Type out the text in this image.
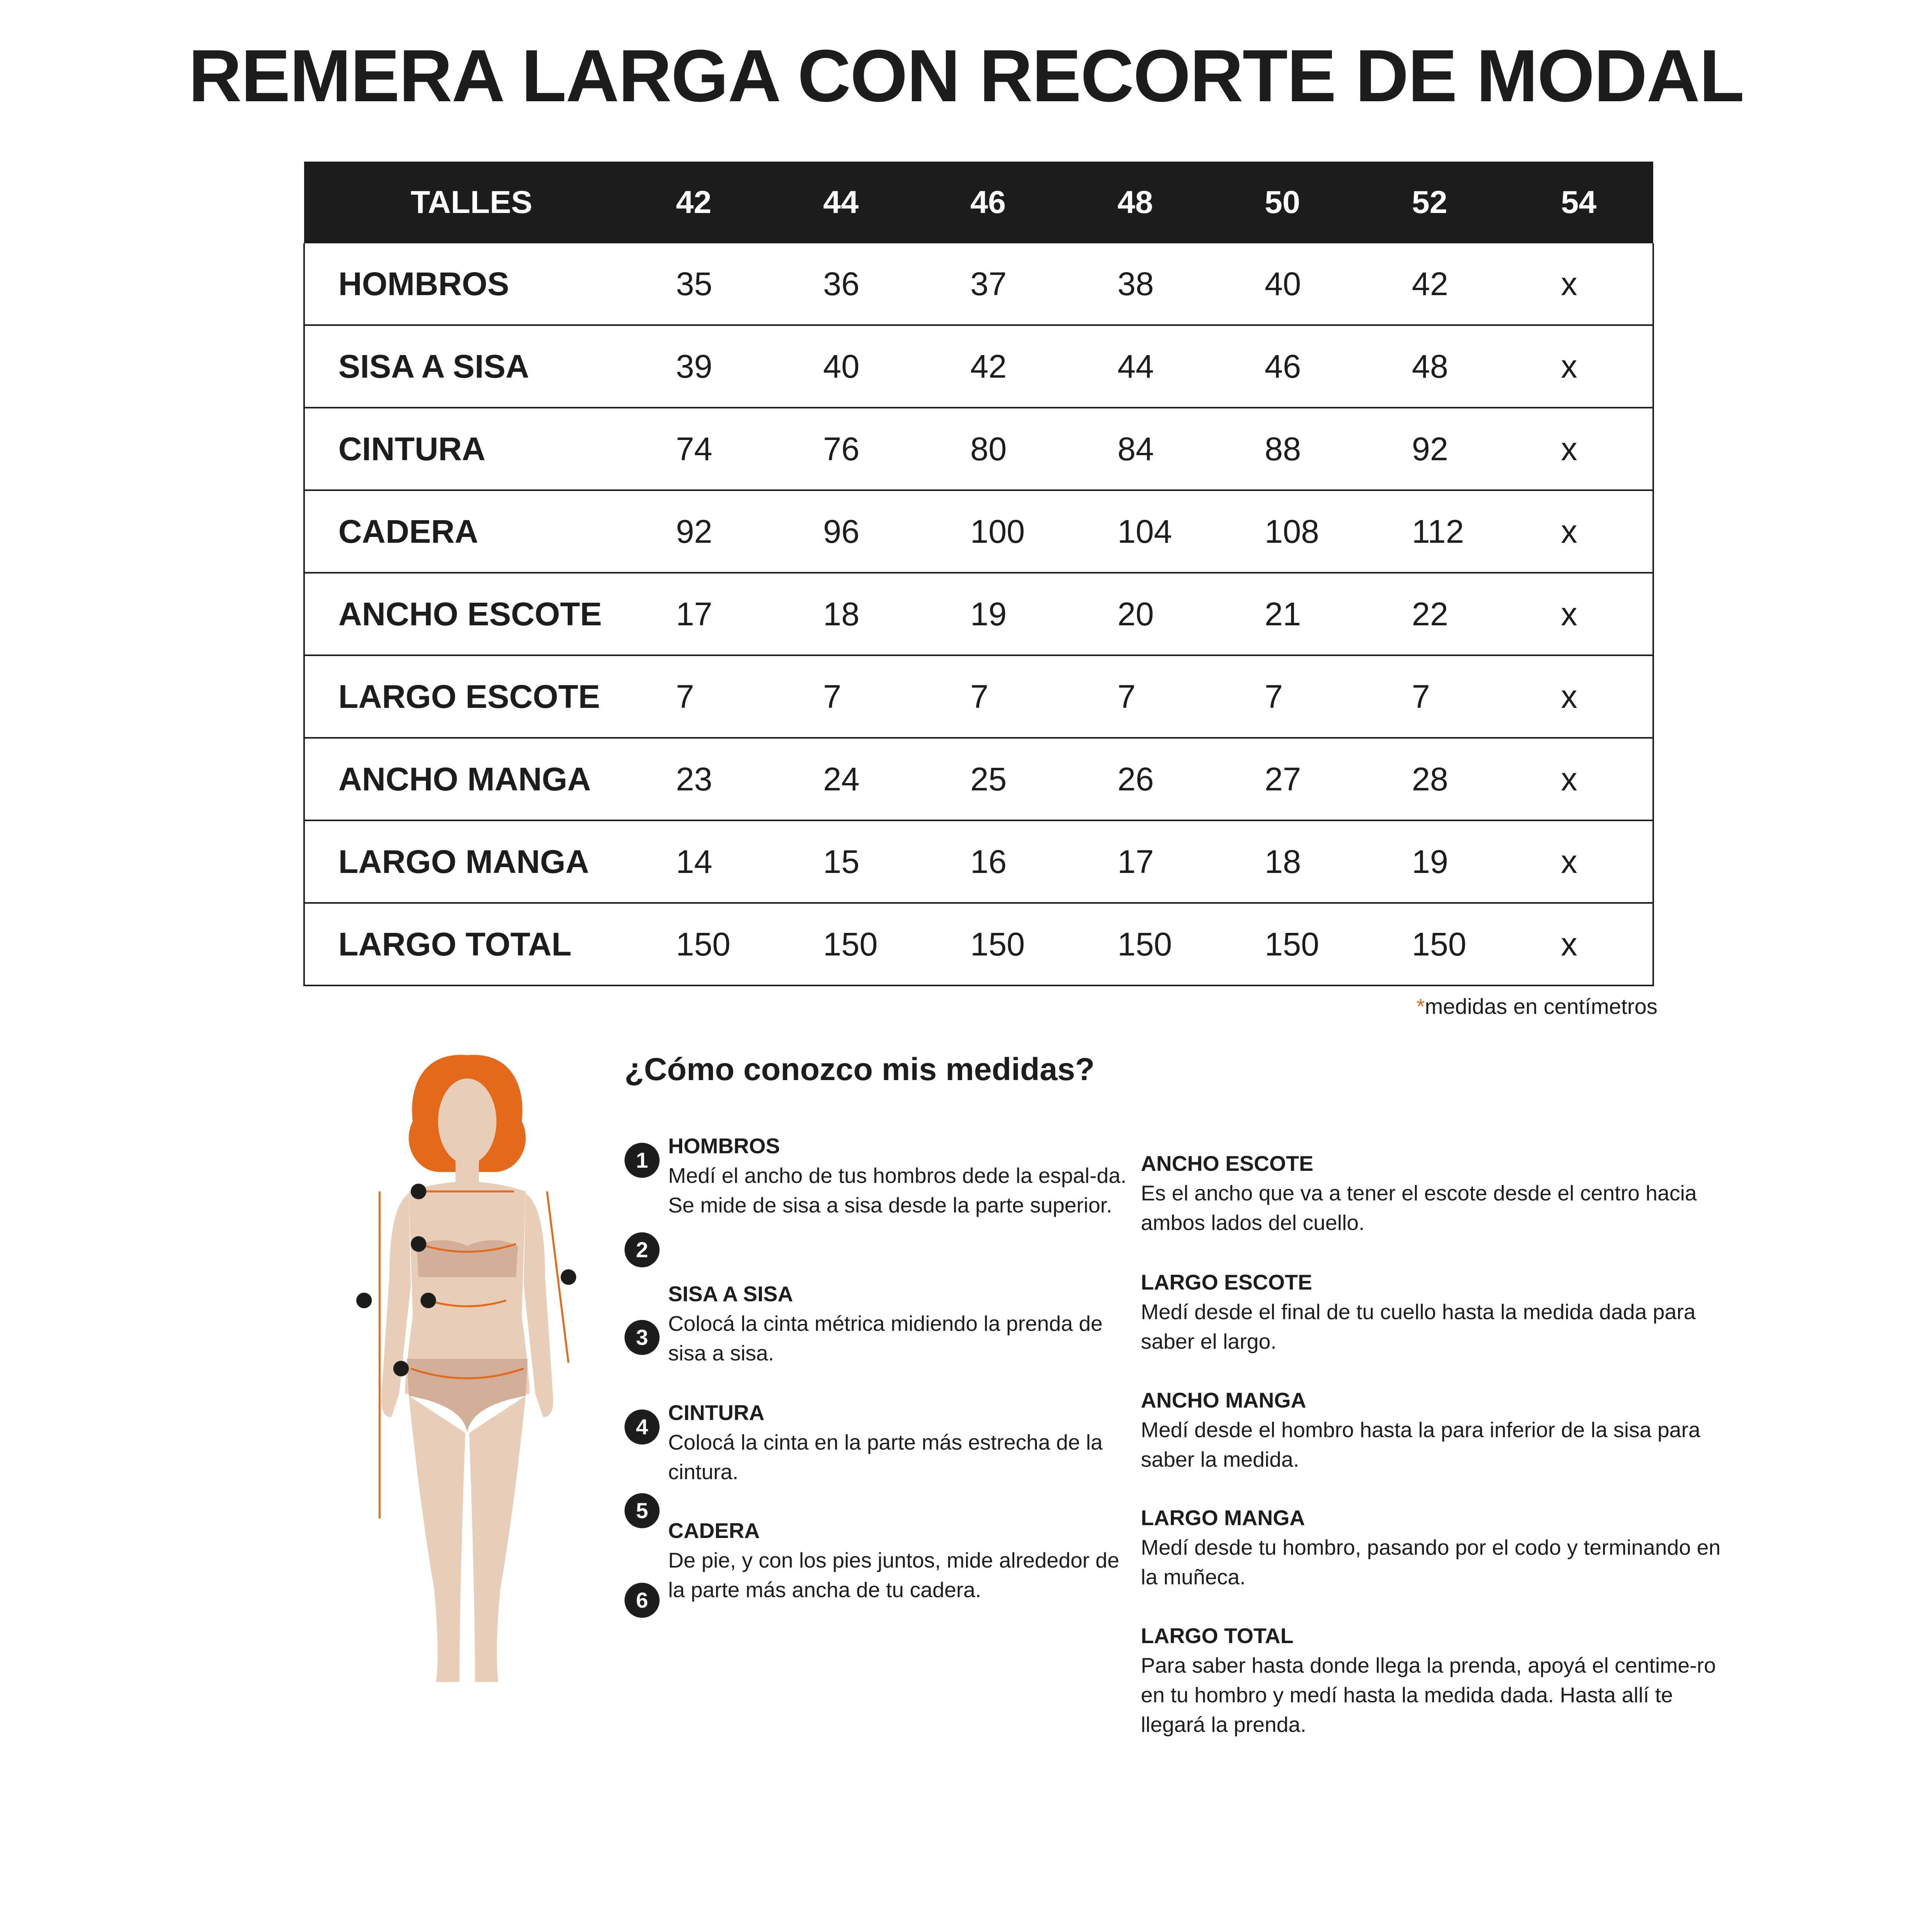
REMERA LARGA CON RECORTE DE MODAL
TALLES	42	44	46	48	50	52	54
HOMBROS	35	36	37	38	40	42	x
SISA A SISA	39	40	42	44	46	48	x
CINTURA	74	76	80	84	88	92	x
CADERA	92	96	100	104	108	112	x
ANCHO ESCOTE	17	18	19	20	21	22	x
LARGO ESCOTE	7	7	7	7	7	7	x
ANCHO MANGA	23	24	25	26	27	28	x
LARGO MANGA	14	15	16	17	18	19	x
LARGO TOTAL	150	150	150	150	150	150	x
*medidas en centímetros
¿Cómo conozco mis medidas?
1
2
3
4
5
6
HOMBROS
Medí el ancho de tus hombros dede la espal-da. Se mide de sisa a sisa desde la parte superior.
SISA A SISA
Colocá la cinta métrica midiendo la prenda de sisa a sisa.
CINTURA
Colocá la cinta en la parte más estrecha de la cintura.
CADERA
De pie, y con los pies juntos, mide alrededor de la parte más ancha de tu cadera.
ANCHO ESCOTE
Es el ancho que va a tener el escote desde el centro hacia ambos lados del cuello.
LARGO ESCOTE
Medí desde el final de tu cuello hasta la medida dada para saber el largo.
ANCHO MANGA
Medí desde el hombro hasta la para inferior de la sisa para saber la medida.
LARGO MANGA
Medí desde tu hombro, pasando por el codo y terminando en la muñeca.
LARGO TOTAL
Para saber hasta donde llega la prenda, apoyá el centime-ro en tu hombro y medí hasta la medida dada. Hasta allí te llegará la prenda.
